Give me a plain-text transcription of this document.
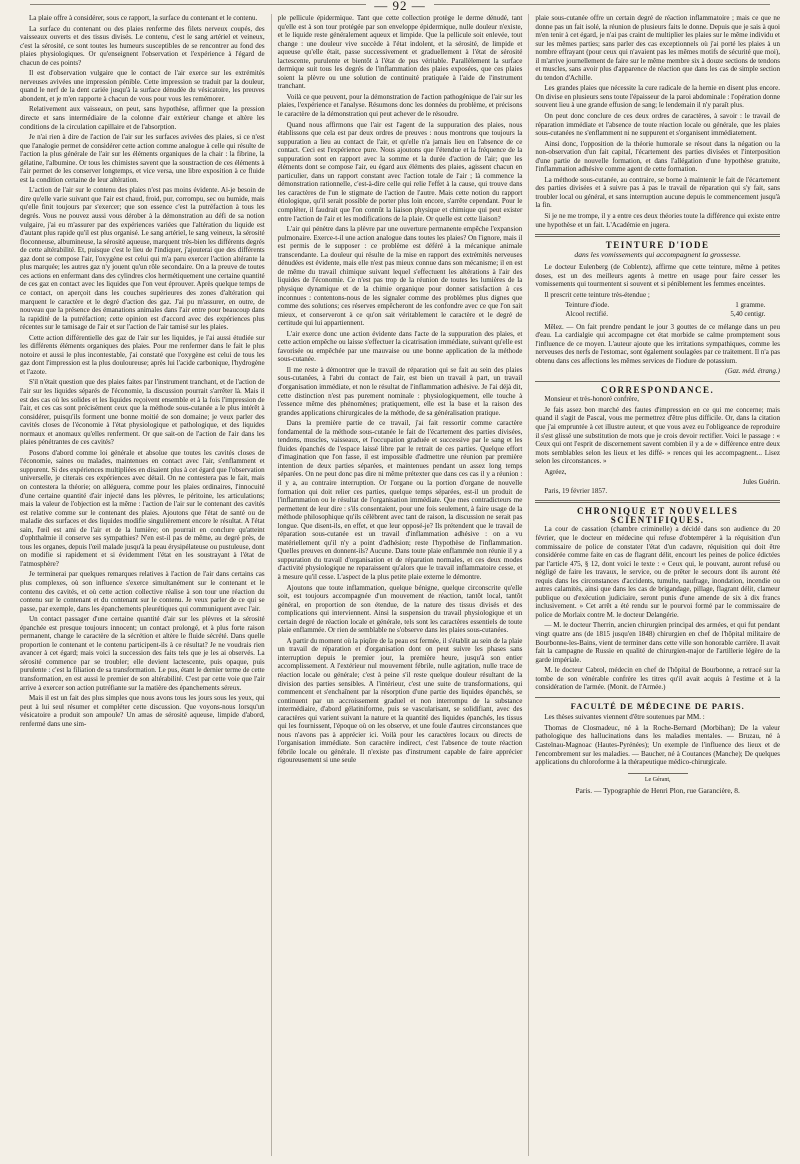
— 92 —

La plaie offre à considérer, sous ce rapport, la surface du contenant et le contenu.

La surface du contenant ou des plaies renferme des filets nerveux coupés, des vaisseaux ouverts et des tissus divisés. Le contenu, c'est le sang artériel et veineux, c'est la sérosité, ce sont toutes les humeurs susceptibles de se rencontrer au fond des plaies physiologiques. Or qu'enseignent l'observation et l'expérience à l'égard de chacun de ces points?

Il est d'observation vulgaire que le contact de l'air exerce sur les extrémités nerveuses avivées une impression pénible. Cette impression se traduit par la douleur, quand le nerf de la dent cariée jusqu'à la surface dénudée du vésicatoire, les preuves abondent, et je m'en rapporte à chacun de vous pour vous les remémorer.

Relativement aux vaisseaux, on peut, sans hypothèse, affirmer que la pression directe et sans intermédiaire de la colonne d'air extérieur change et altère les conditions de la circulation capillaire et de l'absorption.

Je n'ai rien à dire de l'action de l'air sur les surfaces avivées des plaies, si ce n'est que l'analogie permet de considérer cette action comme analogue à celle qui résulte de l'action la plus générale de l'air sur les éléments organiques de la chair : la fibrine, la gélatine, l'albumine. Or tous les chimistes savent que la soustraction de ces éléments à l'air permet de les conserver longtemps, et vice versa, une libre exposition à ce fluide est la condition certaine de leur altération.

L'action de l'air sur le contenu des plaies n'est pas moins évidente. Ai-je besoin de dire qu'elle varie suivant que l'air est chaud, froid, pur, corrompu, sec ou humide, mais qu'elle finit toujours par s'exercer; que son essence c'est la putréfaction à tous les degrés. Vous ne pouvez aussi vous dérober à la démonstration au défi de sa notion vulgaire, j'ai eu m'assurer par des expériences variées que l'altération du liquide est d'autant plus rapide qu'il est plus organisé. Le sang artériel, le sang veineux, la sérosité floconneuse, albumineuse, la sérosité aqueuse, marquent très-bien les différents degrés de cette altérabilité. Et, puisque c'est le lieu de l'indiquer, j'ajouterai que des différents gaz dont se compose l'air, l'oxygène est celui qui m'a paru exercer l'action altérante la plus marquée; les autres gaz n'y jouent qu'un rôle secondaire. On a la preuve de toutes ces actions en enfermant dans des cylindres clos hermétiquement une certaine quantité de ces gaz en contact avec les liquides que l'on veut éprouver. Après quelque temps de ce contact, on aperçoit dans les couches supérieures des zones d'altération qui marquent le caractère et le degré d'action des gaz. J'ai pu m'assurer, en outre, de nouveau que la présence des émanations animales dans l'air entre pour beaucoup dans la rapidité de la putréfaction; cette opinion est d'accord avec des expériences plus récentes sur le tamisage de l'air et sur l'action de l'air tamisé sur les plaies.

Cette action différentielle des gaz de l'air sur les liquides, je l'ai aussi étudiée sur les différents éléments organiques des plaies. Pour me renfermer dans le fait le plus notoire et aussi le plus incontestable, j'ai constaté que l'oxygène est celui de tous les gaz dont l'impression est la plus douloureuse; après lui l'acide carbonique, l'hydrogène et l'azote.

S'il n'était question que des plaies faites par l'instrument tranchant, et de l'action de l'air sur les liquides séparés de l'économie, la discussion pourrait s'arrêter là. Mais il est des cas où les solides et les liquides reçoivent ensemble et à la fois l'impression de l'air, et ces cas sont précisément ceux que la méthode sous-cutanée a le plus intérêt à considérer, puisqu'ils forment une bonne moitié de son domaine; je veux parler des cavités closes de l'économie à l'état physiologique et pathologique, et des liquides normaux et anomaux qu'elles renferment. Or que sait-on de l'action de l'air dans les plaies pénétrantes de ces cavités?

Posons d'abord comme loi générale et absolue que toutes les cavités closes de l'économie, saines ou malades, maintenues en contact avec l'air, s'enflamment et suppurent. Si des expériences multipliées en disaient plus à cet égard que l'observation universelle, je citerais ces expériences avec détail. On ne contestera pas le fait, mais on contestera la théorie; on alléguera, comme pour les plaies ordinaires, l'innocuité d'une certaine quantité d'air injecté dans les plèvres, le péritoine, les articulations; mais la valeur de l'objection est la même : l'action de l'air sur le contenant des cavités est relative comme sur le contenant des plaies. Ajoutons que l'état de santé ou de maladie des surfaces et des liquides modifie singulièrement encore le résultat. A l'état sain, l'œil est ami de l'air et de la lumière; on pourrait en conclure qu'atteint d'ophthalmie il conserve ses sympathies? N'en est-il pas de même, au degré près, de tous les organes, depuis l'œil malade jusqu'à la peau érysipélateuse ou pustuleuse, dont on modifie si rapidement et si évidemment l'état en les soustrayant à l'état de l'atmosphère?

Je terminerai par quelques remarques relatives à l'action de l'air dans certains cas plus complexes, où son influence s'exerce simultanément sur le contenant et le contenu des cavités, et où cette action collective réalise à son tour une réaction du contenu sur le contenant et du contenant sur le contenu. Je veux parler de ce qui se passe, par exemple, dans les épanchements pleurétiques qui communiquent avec l'air.

Un contact passager d'une certaine quantité d'air sur les plèvres et la sérosité épanchée est presque toujours innocent; un contact prolongé, et à plus forte raison permanent, change le caractère de la sécrétion et altère le fluide sécrété. Dans quelle proportion le contenant et le contenu participent-ils à ce résultat? Je ne voudrais rien avancer à cet égard; mais voici la succession des faits tels que je les ai observés. La sérosité commence par se troubler; elle devient lactescente, puis opaque, puis purulente : c'est la filiation de sa transformation. Le pus, étant le dernier terme de cette transformation, en est aussi le premier de son altérabilité. C'est par cette voie que l'air arrive à exercer son action putréfiante sur la matière des épanchements séreux.

Mais il est un fait des plus simples que nous avons tous les jours sous les yeux, qui peut à lui seul résumer et compléter cette discussion. Que voyons-nous lorsqu'un vésicatoire a produit son ampoule? Un amas de sérosité aqueuse, limpide d'abord, renfermé dans une sim-

ple pellicule épidermique. Tant que cette collection protège le derme dénudé, tant qu'elle est à son tour protégée par son enveloppe épidermique, nulle douleur n'existe, et le liquide reste généralement aqueux et limpide. Que la pellicule soit enlevée, tout change : une douleur vive succède à l'état indolent, et la sérosité, de limpide et aqueuse qu'elle était, passe successivement et graduellement à l'état de sérosité lactescente, purulente et bientôt à l'état de pus véritable. Parallèlement la surface dermique suit tous les degrés de l'inflammation des plaies exposées, que ces plaies soient la plèvre ou une solution de continuité pratiquée à l'aide de l'instrument tranchant.

Voilà ce que peuvent, pour la démonstration de l'action pathogénique de l'air sur les plaies, l'expérience et l'analyse. Résumons donc les données du problème, et précisons le caractère de la démonstration qui peut achever de le résoudre.

Quand nous affirmons que l'air est l'agent de la suppuration des plaies, nous établissons que cela est par deux ordres de preuves : nous montrons que toujours la suppuration a lieu au contact de l'air, et qu'elle n'a jamais lieu en l'absence de ce contact. Ceci est l'expérience pure. Nous ajoutons que l'étendue et la fréquence de la suppuration sont en rapport avec la somme et la durée d'action de l'air; que les éléments dont se compose l'air, eu égard aux éléments des plaies, agissent chacun en particulier, dans un rapport constant avec l'action totale de l'air ; là commence la démonstration rationnelle, c'est-à-dire celle qui relie l'effet à la cause, qui trouve dans les caractères de l'un le stigmate de l'action de l'autre. Mais cette notion du rapport étiologique, qu'il serait possible de porter plus loin encore, s'arrête cependant. Pour le compléter, il faudrait que l'on connût la liaison physique et chimique qui peut exister entre l'action de l'air et les modifications de la plaie. Or quelle est cette liaison?

L'air qui pénètre dans la plèvre par une ouverture permanente empêche l'expansion pulmonaire. Exerce-t-il une action analogue dans toutes les plaies? On l'ignore, mais il est permis de le supposer : ce problème est déféré à la mécanique animale transcendante. La douleur qui résulte de la mise en rapport des extrémités nerveuses dénudées est évidente, mais elle n'est pas mieux connue dans son mécanisme; il en est de même du travail chimique suivant lequel s'effectuent les altérations à l'air des liquides de l'économie. Ce n'est pas trop de la réunion de toutes les lumières de la physique dynamique et de la chimie organique pour donner satisfaction à ces inconnues : contentons-nous de les signaler comme des problèmes plus dignes que comme des solutions; ces réserves empêcheront de les confondre avec ce que l'on sait mieux, et conserveront à ce qu'on sait véritablement le caractère et le degré de certitude qui lui appartiennent.

L'air exerce donc une action évidente dans l'acte de la suppuration des plaies, et cette action empêche ou laisse s'effectuer la cicatrisation immédiate, suivant qu'elle est favorisée ou empêchée par une mauvaise ou une bonne application de la méthode sous-cutanée.

Il me reste à démontrer que le travail de réparation qui se fait au sein des plaies sous-cutanées, à l'abri du contact de l'air, est bien un travail à part, un travail d'organisation immédiate, et non le résultat de l'inflammation adhésive. Je l'ai déjà dit, cette distinction n'est pas purement nominale : physiologiquement, elle touche à l'essence même des phénomènes; pratiquement, elle est la base et la raison des grandes applications chirurgicales de la méthode, de sa généralisation pratique.

Dans la première partie de ce travail, j'ai fait ressortir comme caractère fondamental de la méthode sous-cutanée le fait de l'écartement des parties divisées, tendons, muscles, vaisseaux, et l'occupation graduée et successive par le sang et les fluides épanchés de l'espace laissé libre par le retrait de ces parties. Quelque effort d'imagination que l'on fasse, il est impossible d'admettre une réunion par première intention de deux parties séparées, et maintenues pendant un assez long temps séparées. On ne peut donc pas dire ni même prétexter que dans ces cas il y a réunion : il y a, au contraire interruption. Or l'organe ou la portion d'organe de nouvelle formation qui doit relier ces parties, quelque temps séparées, est-il un produit de l'inflammation ou le résultat de l'organisation immédiate. Que mes contradicteurs me permettent de leur dire : s'ils consentaient, pour une fois seulement, à faire usage de la méthode philosophique qu'ils célèbrent avec tant de raison, la discussion ne serait pas longue. Que disent-ils, en effet, et que leur opposé-je? Ils prétendent que le travail de réparation sous-cutanée est un travail d'inflammation adhésive : on a vu matériellement qu'il n'y a point d'adhésion; reste l'hypothèse de l'inflammation. Quelles preuves en donnent-ils? Aucune. Dans toute plaie enflammée non réunie il y a suppuration du travail d'organisation et de réparation normales, et ces deux modes d'activité physiologique ne reparaissent qu'alors que le travail inflammatoire cesse, et à mesure qu'il cesse. L'aspect de la plus petite plaie externe le démontre.

Ajoutons que toute inflammation, quelque bénigne, quelque circonscrite qu'elle soit, est toujours accompagnée d'un mouvement de réaction, tantôt local, tantôt général, en proportion de son étendue, de la nature des tissus divisés et des complications qui interviennent. Ainsi la suspension du travail physiologique et un certain degré de réaction locale et générale, tels sont les caractères essentiels de toute plaie enflammée. Or rien de semblable ne s'observe dans les plaies sous-cutanées.

A partir du moment où la piqûre de la peau est fermée, il s'établit au sein de la plaie un travail de réparation et d'organisation dont on peut suivre les phases sans interruption depuis le premier jour, la première heure, jusqu'à son entier accomplissement. A l'extérieur nul mouvement fébrile, nulle agitation, nulle trace de réaction locale ou générale; c'est à peine s'il reste quelque douleur résultant de la division des parties sensibles. A l'intérieur, c'est une suite de transformations, qui commencent et s'enchaînent par la résorption d'une partie des liquides épanchés, se continuent par un accroissement graduel et non interrompu de la substance intermédiaire, d'abord gélatiniforme, puis se vascularisant, se solidifiant, avec des caractères qui varient suivant la nature et la quantité des liquides épanchés, les tissus qui les fournissent, l'époque où on les observe, et une foule d'autres circonstances que nous n'avons pas à apprécier ici. Voilà pour les caractères locaux ou directs de l'organisation immédiate. Son caractère indirect, c'est l'absence de toute réaction fébrile locale ou générale. Il n'existe pas d'instrument capable de faire apprécier rigoureusement si une seule

plaie sous-cutanée offre un certain degré de réaction inflammatoire ; mais ce que ne donne pas un fait isolé, la réunion de plusieurs faits le donne. Depuis que je sais à quoi m'en tenir à cet égard, je n'ai pas craint de multiplier les plaies sur le même individu et sur les mêmes parties; sans parler des cas exceptionnels où j'ai porté les plaies à un nombre effrayant (pour ceux qui n'avaient pas les mêmes motifs de sécurité que moi), il m'arrive journellement de faire sur le même membre six à douze sections de tendons et muscles, sans avoir plus d'apparence de réaction que dans les cas de simple section du tendon d'Achille.

Les grandes plaies que nécessite la cure radicale de la hernie en disent plus encore. On divise en plusieurs sens toute l'épaisseur de la paroi abdominale : l'opération donne souvent lieu à une grande effusion de sang; le lendemain il n'y paraît plus.

On peut donc conclure de ces deux ordres de caractères, à savoir : le travail de réparation immédiate et l'absence de toute réaction locale ou générale, que les plaies sous-cutanées ne s'enflamment ni ne suppurent et s'organisent immédiatement.

Ainsi donc, l'opposition de la théorie humorale se résout dans la négation ou la non-observation d'un fait capital, l'écartement des parties divisées et l'interposition d'une partie de nouvelle formation, et dans l'allégation d'une hypothèse gratuite, l'inflammation adhésive comme agent de cette formation.

La méthode sous-cutanée, au contraire, se borne à maintenir le fait de l'écartement des parties divisées et à suivre pas à pas le travail de réparation qui s'y fait, sans troubler local ou général, et sans interruption aucune depuis le commencement jusqu'à la fin.

Si je ne me trompe, il y a entre ces deux théories toute la différence qui existe entre une hypothèse et un fait. L'Académie en jugera.

TEINTURE D'IODE
dans les vomissements qui accompagnent la grossesse.

Le docteur Eulenberg (de Coblentz), affirme que cette teinture, même à petites doses, est un des meilleurs agents à mettre en usage pour faire cesser les vomissements qui tourmentent si souvent et si péniblement les femmes enceintes.

Il prescrit cette teinture très-étendue ;

Teinture d'iode.	1 gramme.
Alcool rectifié.	5,40 centigr.

Mêlez. — On fait prendre pendant le jour 3 gouttes de ce mélange dans un peu d'eau. La cardialgie qui accompagne cet état morbide se calme promptement sous l'influence de ce moyen. L'auteur ajoute que les irritations sympathiques, comme les nerveuses des nerfs de l'estomac, sont également soulagées par ce traitement. Il n'a pas obtenu dans ces affections les mêmes services de l'iodure de potassium.

(Gaz. méd. étrang.)
CORRESPONDANCE.

Monsieur et très-honoré confrère,

Je fais assez bon marché des fautes d'impression en ce qui me concerne; mais quand il s'agit de Pascal, vous me permettrez d'être plus difficile. Or, dans la citation que j'ai empruntée à cet illustre auteur, et que vous avez eu l'obligeance de reproduire il s'est glissé une substitution de mots que je crois devoir rectifier. Voici le passage : « Ceux qui ont l'esprit de discernement savent combien il y a de » différence entre deux mots semblables selon les lieux et les diffé- » rences qui les accompagnent... Lisez selon les circonstances. »

Agréez,

Jules Guérin.

Paris, 19 février 1857.

CHRONIQUE ET NOUVELLES SCIENTIFIQUES.

La cour de cassation (chambre criminelle) a décidé dans son audience du 20 février, que le docteur en médecine qui refuse d'obtempérer à la réquisition d'un commissaire de police de constater l'état d'un cadavre, réquisition qui doit être considérée comme faite en cas de flagrant délit, encourt les peines de police édictées par l'article 475, § 12, dont voici le texte : « Ceux qui, le pouvant, auront refusé ou négligé de faire les travaux, le service, ou de prêter le secours dont ils auront été requis dans les circonstances d'accidents, tumulte, naufrage, inondation, incendie ou autres calamités, ainsi que dans les cas de brigandage, pillage, flagrant délit, clameur publique ou d'exécution judiciaire, seront punis d'une amende de six à dix francs inclusivement. » Cet arrêt a été rendu sur le pourvoi formé par le commissaire de police de Morlaix contre M. le docteur Delangérie.

— M. le docteur Therrin, ancien chirurgien principal des armées, et qui fut pendant vingt quatre ans (de 1815 jusqu'en 1848) chirurgien en chef de l'hôpital militaire de Bourbonne-les-Bains, vient de terminer dans cette ville son honorable carrière. Il avait fait la campagne de Russie en qualité de chirurgien-major de l'artillerie légère de la garde impériale.

M. le docteur Cabrol, médecin en chef de l'hôpital de Bourbonne, a retracé sur la tombe de son vénérable confrère les titres qu'il avait acquis à l'estime et à la considération de l'armée. (Monit. de l'Armée.)

FACULTÉ DE MÉDECINE DE PARIS.

Les thèses suivantes viennent d'être soutenues par MM. :

Thomas de Closmadeuc, né à la Roche-Bernard (Morbihan); De la valeur pathologique des hallucinations dans les maladies mentales. — Bruzau, né à Castelnau-Magnoac (Hautes-Pyrénées); Un exemple de l'influence des lieux et de l'encombrement sur les maladies. — Baucher, né à Coutances (Manche); De quelques applications du chloroforme à la thérapeutique médico-chirurgicale.

Le Gérant,
Paris. — Typographie de Henri Plon, rue Garancière, 8.
